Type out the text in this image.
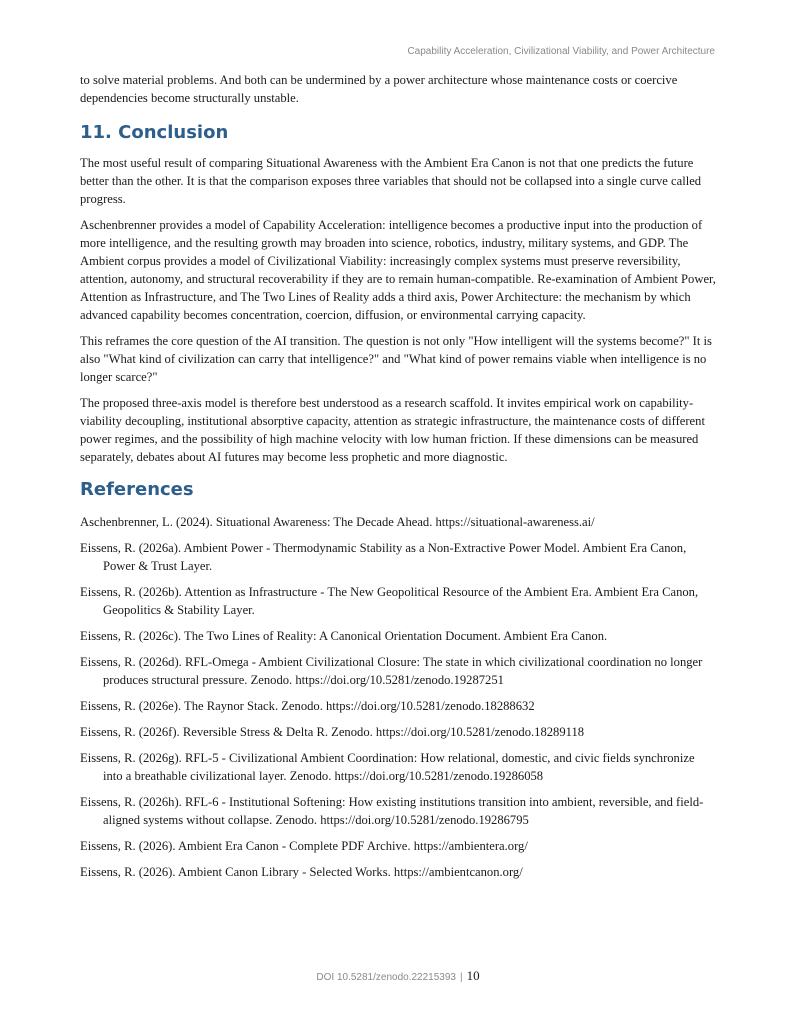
Capability Acceleration, Civilizational Viability, and Power Architecture

to solve material problems. And both can be undermined by a power architecture whose maintenance costs or coercive dependencies become structurally unstable.

11. Conclusion

The most useful result of comparing Situational Awareness with the Ambient Era Canon is not that one predicts the future better than the other. It is that the comparison exposes three variables that should not be collapsed into a single curve called progress.

Aschenbrenner provides a model of Capability Acceleration: intelligence becomes a productive input into the production of more intelligence, and the resulting growth may broaden into science, robotics, industry, military systems, and GDP. The Ambient corpus provides a model of Civilizational Viability: increasingly complex systems must preserve reversibility, attention, autonomy, and structural recoverability if they are to remain human-compatible. Re-examination of Ambient Power, Attention as Infrastructure, and The Two Lines of Reality adds a third axis, Power Architecture: the mechanism by which advanced capability becomes concentration, coercion, diffusion, or environmental carrying capacity.

This reframes the core question of the AI transition. The question is not only "How intelligent will the systems become?" It is also "What kind of civilization can carry that intelligence?" and "What kind of power remains viable when intelligence is no longer scarce?"

The proposed three-axis model is therefore best understood as a research scaffold. It invites empirical work on capability-viability decoupling, institutional absorptive capacity, attention as strategic infrastructure, the maintenance costs of different power regimes, and the possibility of high machine velocity with low human friction. If these dimensions can be measured separately, debates about AI futures may become less prophetic and more diagnostic.

References

Aschenbrenner, L. (2024). Situational Awareness: The Decade Ahead. https://situational-awareness.ai/

Eissens, R. (2026a). Ambient Power - Thermodynamic Stability as a Non-Extractive Power Model. Ambient Era Canon, Power & Trust Layer.

Eissens, R. (2026b). Attention as Infrastructure - The New Geopolitical Resource of the Ambient Era. Ambient Era Canon, Geopolitics & Stability Layer.

Eissens, R. (2026c). The Two Lines of Reality: A Canonical Orientation Document. Ambient Era Canon.

Eissens, R. (2026d). RFL-Omega - Ambient Civilizational Closure: The state in which civilizational coordination no longer produces structural pressure. Zenodo. https://doi.org/10.5281/zenodo.19287251

Eissens, R. (2026e). The Raynor Stack. Zenodo. https://doi.org/10.5281/zenodo.18288632

Eissens, R. (2026f). Reversible Stress & Delta R. Zenodo. https://doi.org/10.5281/zenodo.18289118

Eissens, R. (2026g). RFL-5 - Civilizational Ambient Coordination: How relational, domestic, and civic fields synchronize into a breathable civilizational layer. Zenodo. https://doi.org/10.5281/zenodo.19286058

Eissens, R. (2026h). RFL-6 - Institutional Softening: How existing institutions transition into ambient, reversible, and field-aligned systems without collapse. Zenodo. https://doi.org/10.5281/zenodo.19286795

Eissens, R. (2026). Ambient Era Canon - Complete PDF Archive. https://ambientera.org/

Eissens, R. (2026). Ambient Canon Library - Selected Works. https://ambientcanon.org/

DOI 10.5281/zenodo.22215393 | 10
